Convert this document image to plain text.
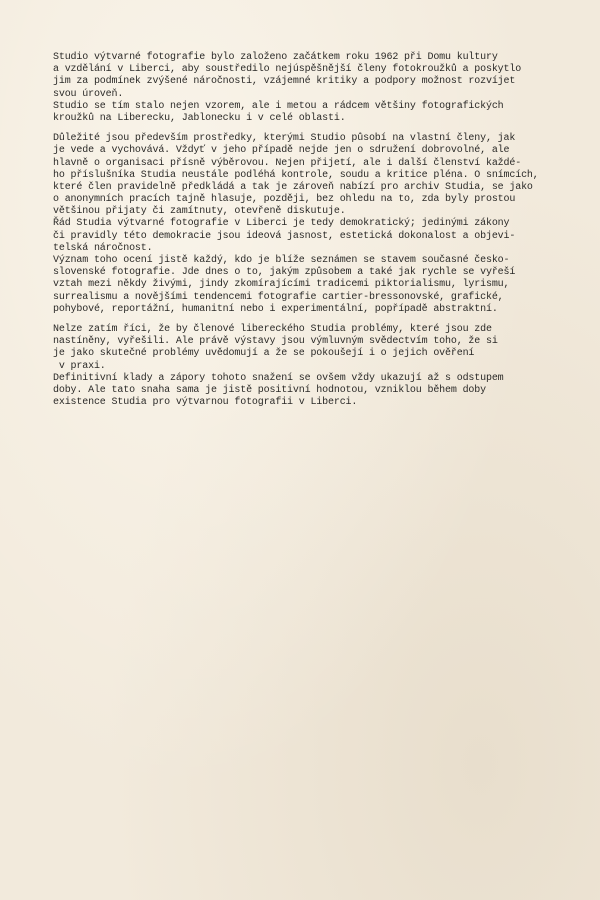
Studio výtvarné fotografie bylo založeno začátkem roku 1962 při Domu kultury
a vzdělání v Liberci, aby soustředilo nejúspěšnější členy fotokroužků a poskytlo
jim za podmínek zvýšené náročnosti, vzájemné kritiky a podpory možnost rozvíjet
svou úroveň.
Studio se tím stalo nejen vzorem, ale i metou a rádcem většiny fotografických
kroužků na Liberecku, Jablonecku i v celé oblasti.
Důležité jsou především prostředky, kterými Studio působí na vlastní členy, jak
je vede a vychovává. Vždyť v jeho případě nejde jen o sdružení dobrovolné, ale
hlavně o organisaci přísně výběrovou. Nejen přijetí, ale i další členství každé-
ho příslušníka Studia neustále podléhá kontrole, soudu a kritice pléna. O snímcích,
které člen pravidelně předkládá a tak je zároveň nabízí pro archiv Studia, se jako
o anonymních pracích tajně hlasuje, později, bez ohledu na to, zda byly prostou
většinou přijaty či zamítnuty, otevřeně diskutuje.
Řád Studia výtvarné fotografie v Liberci je tedy demokratický; jedinými zákony
či pravidly této demokracie jsou ideová jasnost, estetická dokonalost a objevi-
telská náročnost.
Význam toho ocení jistě každý, kdo je blíže seznámen se stavem současné česko-
slovenské fotografie. Jde dnes o to, jakým způsobem a také jak rychle se vyřeší
vztah mezi někdy živými, jindy zkomírajícími tradicemi piktorialismu, lyrismu,
surrealismu a novějšími tendencemi fotografie cartier-bressonovské, grafické,
pohybové, reportážní, humanitní nebo i experimentální, popřípadě abstraktní.
Nelze zatím říci, že by členové libereckého Studia problémy, které jsou zde
nastíněny, vyřešili. Ale právě výstavy jsou výmluvným svědectvím toho, že si
je jako skutečné problémy uvědomují a že se pokoušejí i o jejich ověření
v praxi.
Definitivní klady a zápory tohoto snažení se ovšem vždy ukazují až s odstupem
doby. Ale tato snaha sama je jistě positivní hodnotou, vzniklou během doby
existence Studia pro výtvarnou fotografii v Liberci.
